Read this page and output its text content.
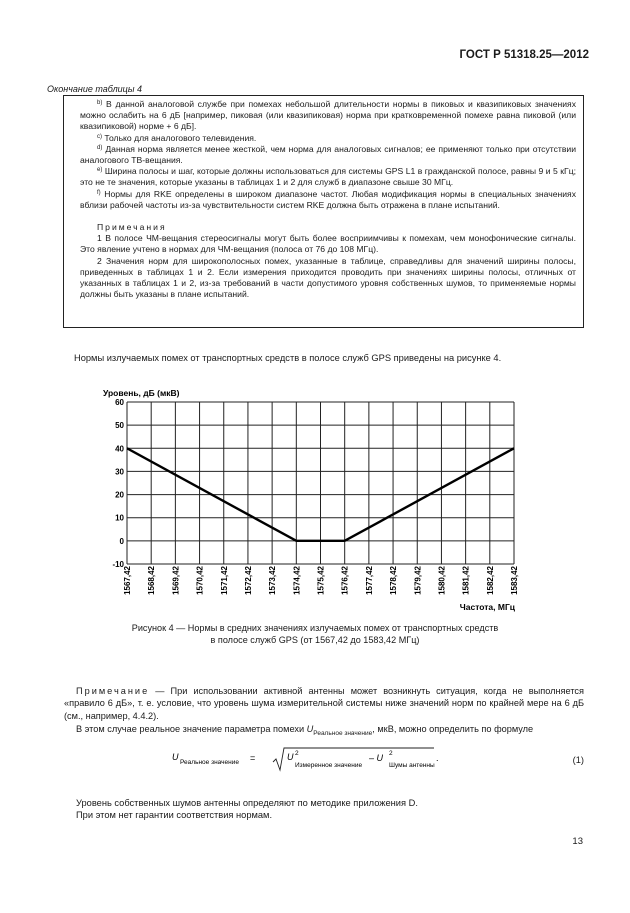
ГОСТ Р 51318.25—2012
Окончание таблицы 4

$^{b)}$ В данной аналоговой службе при помехах небольшой длительности нормы в пиковых и квазипиковых значениях можно ослабить на 6 дБ [например, пиковая (или квазипиковая) норма при кратковременной помехе равна пиковой (или квазипиковой) норме + 6 дБ].

$^{c)}$ Только для аналогового телевидения.

$^{d)}$ Данная норма является менее жесткой, чем норма для аналоговых сигналов; ее применяют только при отсутствии аналогового ТВ-вещания.

$^{e)}$ Ширина полосы и шаг, которые должны использоваться для системы GPS L1 в гражданской полосе, равны 9 и 5 кГц; это не те значения, которые указаны в таблицах 1 и 2 для служб в диапазоне свыше 30 МГц.

$^{f)}$ Нормы для RKE определены в широком диапазоне частот. Любая модификация нормы в специальных значениях вблизи рабочей частоты из-за чувствительности систем RKE должна быть отражена в плане испытаний.

Примечания

1 В полосе ЧМ-вещания стереосигналы могут быть более восприимчивы к помехам, чем монофонические сигналы. Это явление учтено в нормах для ЧМ-вещания (полоса от 76 до 108 МГц).

2 Значения норм для широкополосных помех, указанные в таблице, справедливы для значений ширины полосы, приведенных в таблицах 1 и 2. Если измерения приходится проводить при значениях ширины полосы, отличных от указанных в таблицах 1 и 2, из-за требований в части допустимого уровня собственных шумов, то применяемые нормы должны быть указаны в плане испытаний.

Нормы излучаемых помех от транспортных средств в полосе служб GPS приведены на рисунке 4.
Уровень, дБ (мкВ)
Частота, МГц
-10
0
10
20
30
40
50
60
1567,42 1568,42 1569,42 1570,42 1571,42 1572,42 1573,42 1574,42 1575,42 1576,42 1577,42 1578,42 1579,42 1580,42 1581,42 1582,42 1583,42
Рисунок 4 — Нормы в средних значениях излучаемых помех от транспортных средств
в полосе служб GPS (от 1567,42 до 1583,42 МГц)
Примечание — При использовании активной антенны может возникнуть ситуация, когда не выполняется «правило 6 дБ», т. е. условие, что уровень шума измерительной системы ниже значений норм по крайней мере на 6 дБ (см., например, 4.4.2).
В этом случае реальное значение параметра помехи $U_{Реальное значение}$, мкВ, можно определить по формуле
U
Реальное значение =	U 2
Измеренное значение
– U 2
Шумы антенны
.	(1)
Уровень собственных шумов антенны определяют по методике приложения D.
При этом нет гарантии соответствия нормам.
13
